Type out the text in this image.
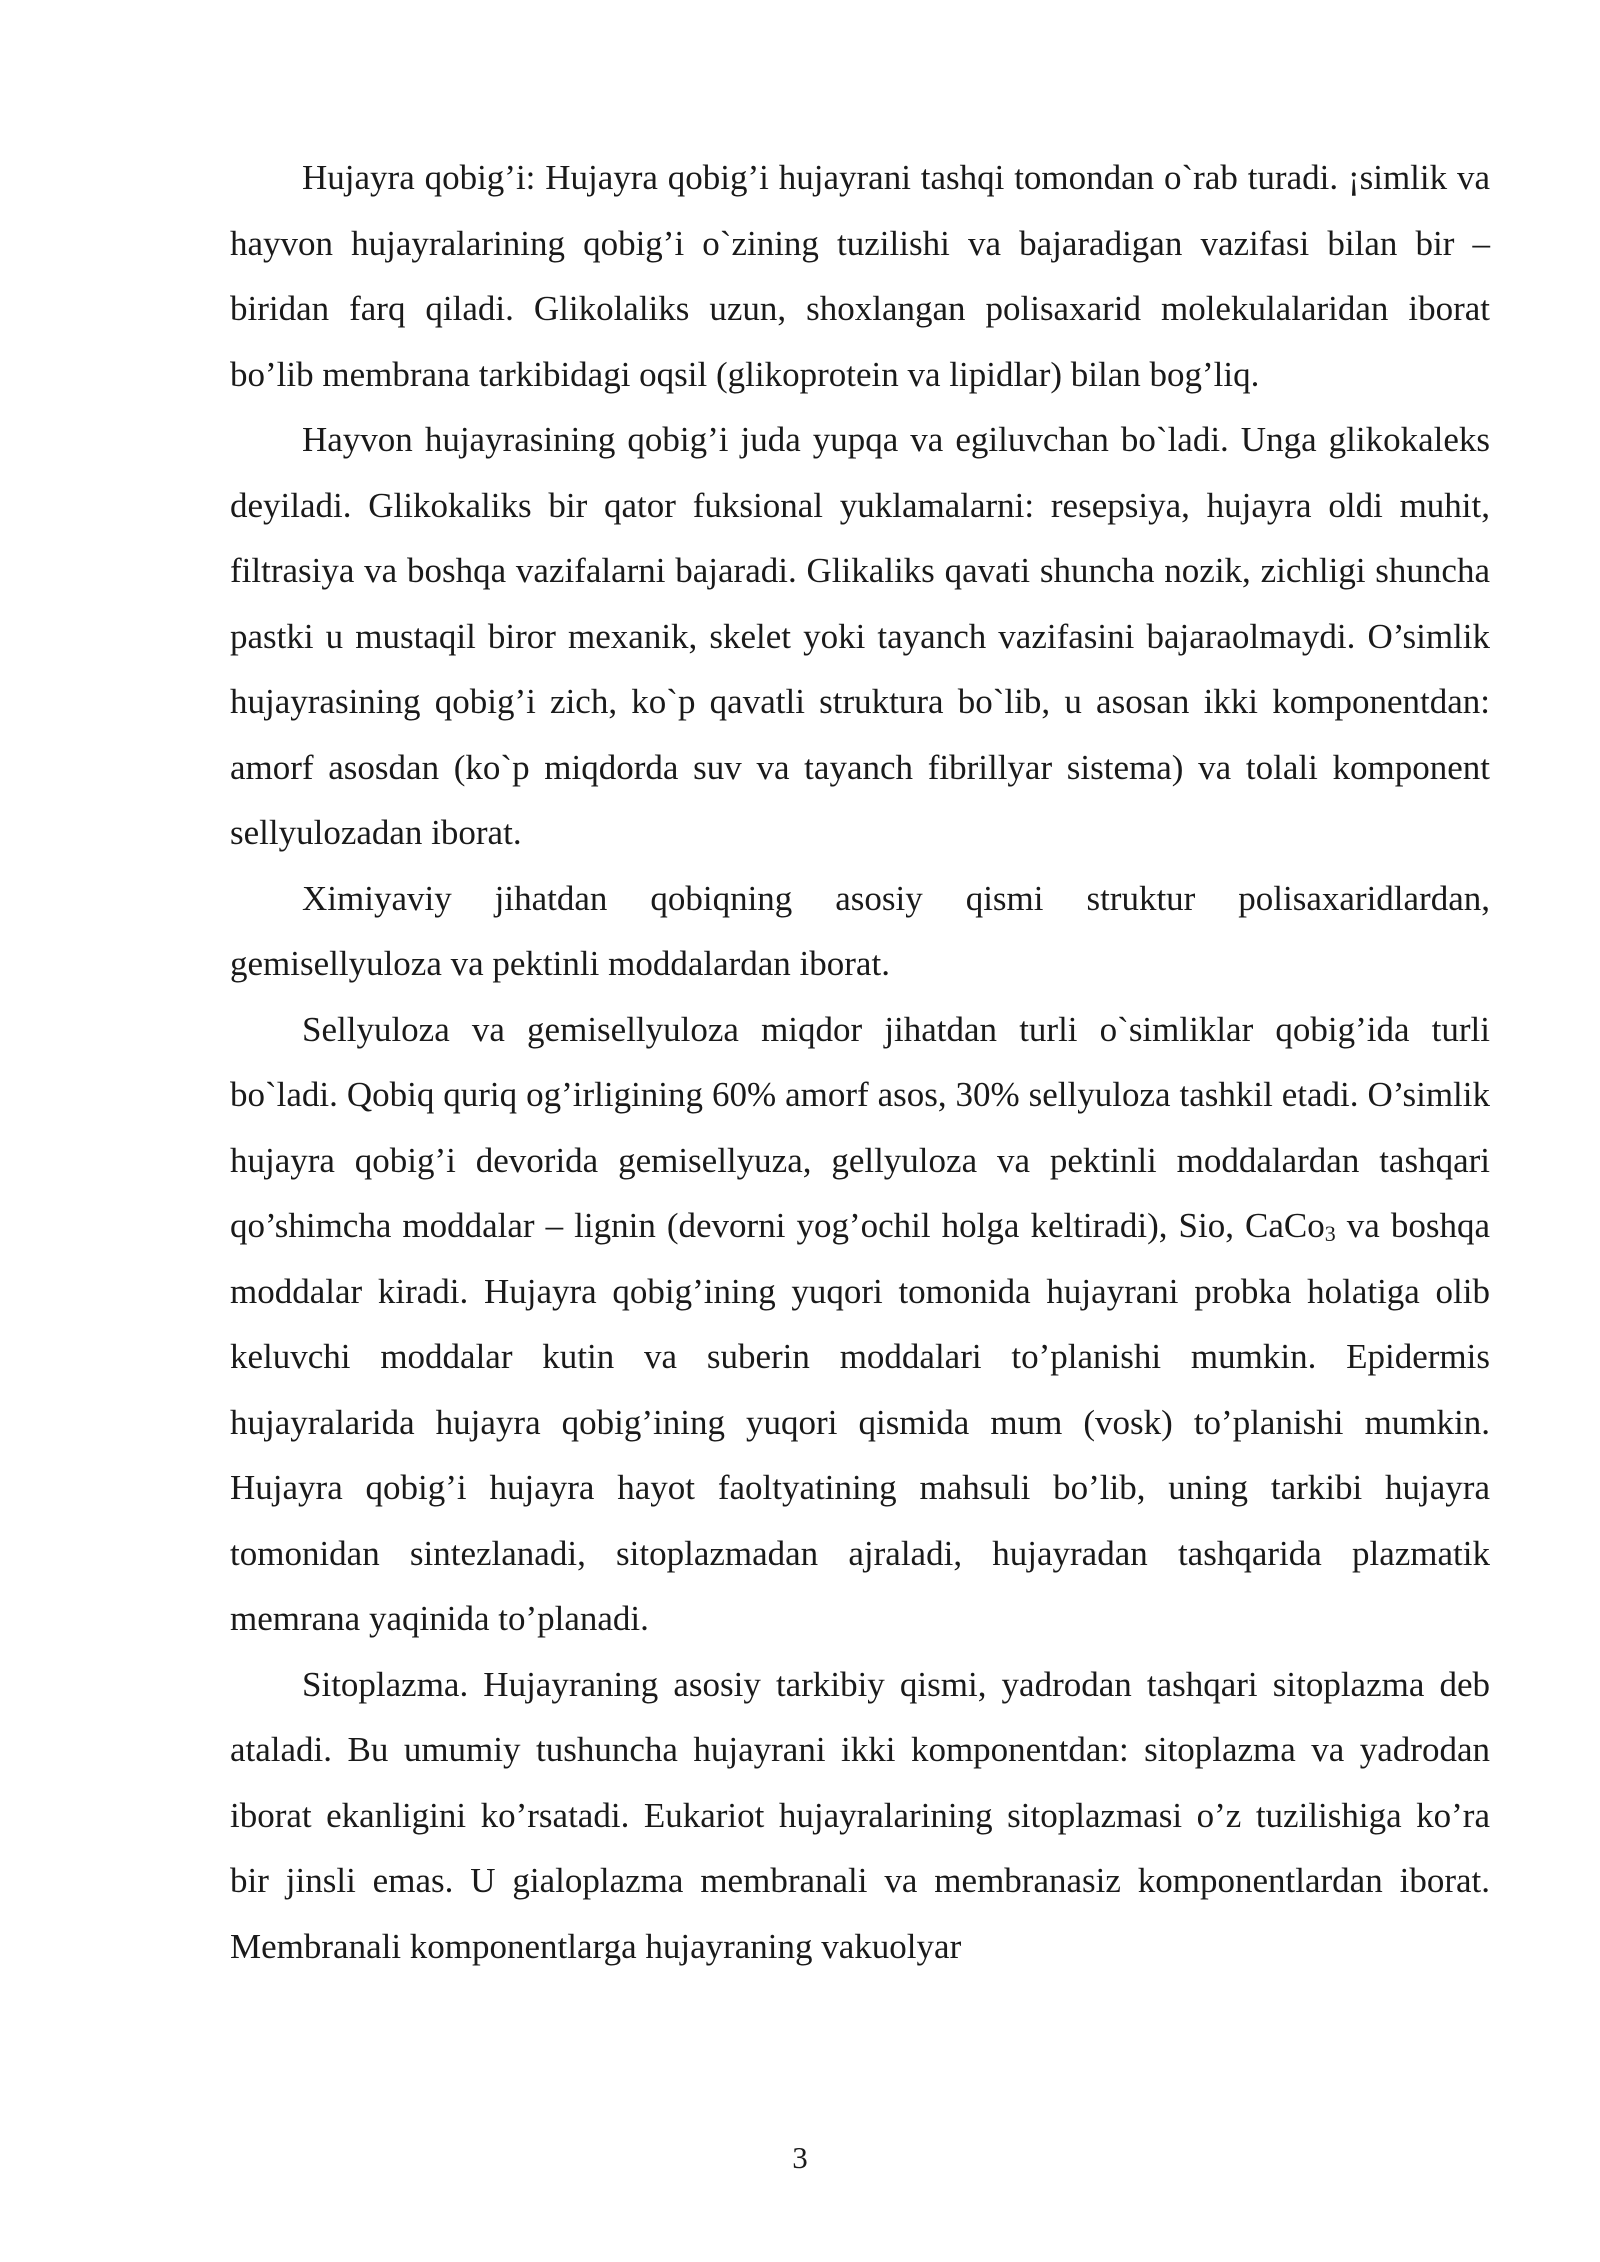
Hujayra qobig’i: Hujayra qobig’i hujayrani tashqi tomondan o`rab turadi. ¡simlik va hayvon hujayralarining qobig’i o`zining tuzilishi va bajaradigan vazifasi bilan bir – biridan farq qiladi. Glikolaliks uzun, shoxlangan polisaxarid molekulalaridan iborat bo’lib membrana tarkibidagi oqsil (glikoprotein va lipidlar) bilan bog’liq.

Hayvon hujayrasining qobig’i juda yupqa va egiluvchan bo`ladi. Unga glikokaleks deyiladi. Glikokaliks bir qator fuksional yuklamalarni: resepsiya, hujayra oldi muhit, filtrasiya va boshqa vazifalarni bajaradi. Glikaliks qavati shuncha nozik, zichligi shuncha pastki u mustaqil biror mexanik, skelet yoki tayanch vazifasini bajaraolmaydi. O’simlik hujayrasining qobig’i zich, ko`p qavatli struktura bo`lib, u asosan ikki komponentdan: amorf asosdan (ko`p miqdorda suv va tayanch fibrillyar sistema) va tolali komponent sellyulozadan iborat.

Ximiyaviy jihatdan qobiqning asosiy qismi struktur polisaxaridlardan, gemisellyuloza va pektinli moddalardan iborat.

Sellyuloza va gemisellyuloza miqdor jihatdan turli o`simliklar qobig’ida turli bo`ladi. Qobiq quriq og’irligining 60% amorf asos, 30% sellyuloza tashkil etadi. O’simlik hujayra qobig’i devorida gemisellyuza, gellyuloza va pektinli moddalardan tashqari qo’shimcha moddalar – lignin (devorni yog’ochil holga keltiradi), Sio, CaCo3 va boshqa moddalar kiradi. Hujayra qobig’ining yuqori tomonida hujayrani probka holatiga olib keluvchi moddalar kutin va suberin moddalari to’planishi mumkin. Epidermis hujayralarida hujayra qobig’ining yuqori qismida mum (vosk) to’planishi mumkin. Hujayra qobig’i hujayra hayot faoltyatining mahsuli bo’lib, uning tarkibi hujayra tomonidan sintezlanadi, sitoplazmadan ajraladi, hujayradan tashqarida plazmatik memrana yaqinida to’planadi.

Sitoplazma. Hujayraning asosiy tarkibiy qismi, yadrodan tashqari sitoplazma deb ataladi. Bu umumiy tushuncha hujayrani ikki komponentdan: sitoplazma va yadrodan iborat ekanligini ko’rsatadi. Eukariot hujayralarining sitoplazmasi o’z tuzilishiga ko’ra bir jinsli emas. U gialoplazma membranali va membranasiz komponentlardan iborat. Membranali komponentlarga hujayraning vakuolyar

3
